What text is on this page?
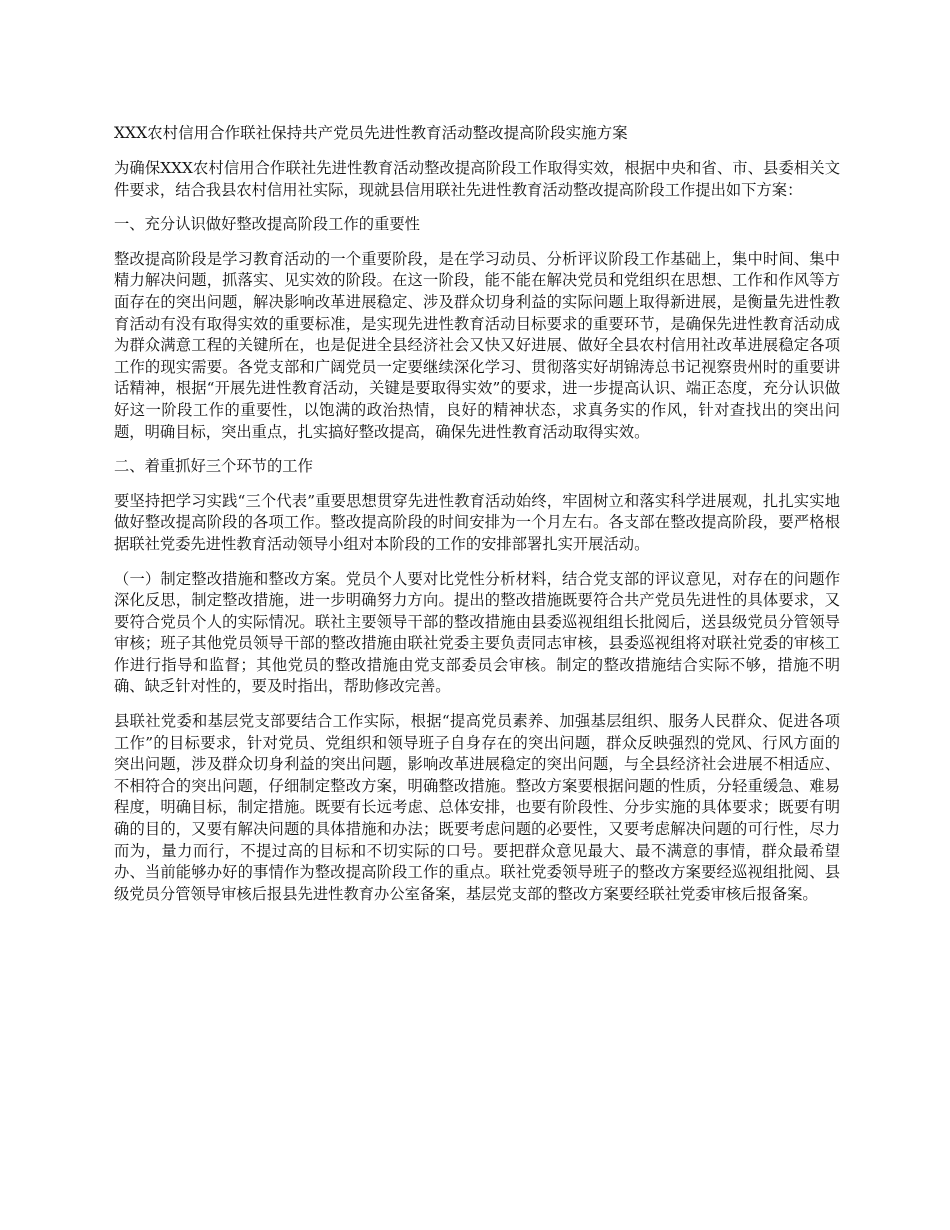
XXX农村信用合作联社保持共产党员先进性教育活动整改提高阶段实施方案

为确保XXX农村信用合作联社先进性教育活动整改提高阶段工作取得实效，根据中央和省、市、县委相关文件要求，结合我县农村信用社实际，现就县信用联社先进性教育活动整改提高阶段工作提出如下方案：

一、充分认识做好整改提高阶段工作的重要性

整改提高阶段是学习教育活动的一个重要阶段，是在学习动员、分析评议阶段工作基础上，集中时间、集中精力解决问题，抓落实、见实效的阶段。在这一阶段，能不能在解决党员和党组织在思想、工作和作风等方面存在的突出问题，解决影响改革进展稳定、涉及群众切身利益的实际问题上取得新进展，是衡量先进性教育活动有没有取得实效的重要标准，是实现先进性教育活动目标要求的重要环节，是确保先进性教育活动成为群众满意工程的关键所在，也是促进全县经济社会又快又好进展、做好全县农村信用社改革进展稳定各项工作的现实需要。各党支部和广阔党员一定要继续深化学习、贯彻落实好胡锦涛总书记视察贵州时的重要讲话精神，根据“开展先进性教育活动，关键是要取得实效”的要求，进一步提高认识、端正态度，充分认识做好这一阶段工作的重要性，以饱满的政治热情，良好的精神状态，求真务实的作风，针对查找出的突出问题，明确目标，突出重点，扎实搞好整改提高，确保先进性教育活动取得实效。

二、着重抓好三个环节的工作

要坚持把学习实践“三个代表”重要思想贯穿先进性教育活动始终，牢固树立和落实科学进展观，扎扎实实地做好整改提高阶段的各项工作。整改提高阶段的时间安排为一个月左右。各支部在整改提高阶段，要严格根据联社党委先进性教育活动领导小组对本阶段的工作的安排部署扎实开展活动。

（一）制定整改措施和整改方案。党员个人要对比党性分析材料，结合党支部的评议意见，对存在的问题作深化反思，制定整改措施，进一步明确努力方向。提出的整改措施既要符合共产党员先进性的具体要求，又要符合党员个人的实际情况。联社主要领导干部的整改措施由县委巡视组组长批阅后，送县级党员分管领导审核；班子其他党员领导干部的整改措施由联社党委主要负责同志审核，县委巡视组将对联社党委的审核工作进行指导和监督；其他党员的整改措施由党支部委员会审核。制定的整改措施结合实际不够，措施不明确、缺乏针对性的，要及时指出，帮助修改完善。

县联社党委和基层党支部要结合工作实际，根据“提高党员素养、加强基层组织、服务人民群众、促进各项工作”的目标要求，针对党员、党组织和领导班子自身存在的突出问题，群众反映强烈的党风、行风方面的突出问题，涉及群众切身利益的突出问题，影响改革进展稳定的突出问题，与全县经济社会进展不相适应、不相符合的突出问题，仔细制定整改方案，明确整改措施。整改方案要根据问题的性质，分轻重缓急、难易程度，明确目标，制定措施。既要有长远考虑、总体安排，也要有阶段性、分步实施的具体要求；既要有明确的目的，又要有解决问题的具体措施和办法；既要考虑问题的必要性，又要考虑解决问题的可行性，尽力而为，量力而行，不提过高的目标和不切实际的口号。要把群众意见最大、最不满意的事情，群众最希望办、当前能够办好的事情作为整改提高阶段工作的重点。联社党委领导班子的整改方案要经巡视组批阅、县级党员分管领导审核后报县先进性教育办公室备案，基层党支部的整改方案要经联社党委审核后报备案。
